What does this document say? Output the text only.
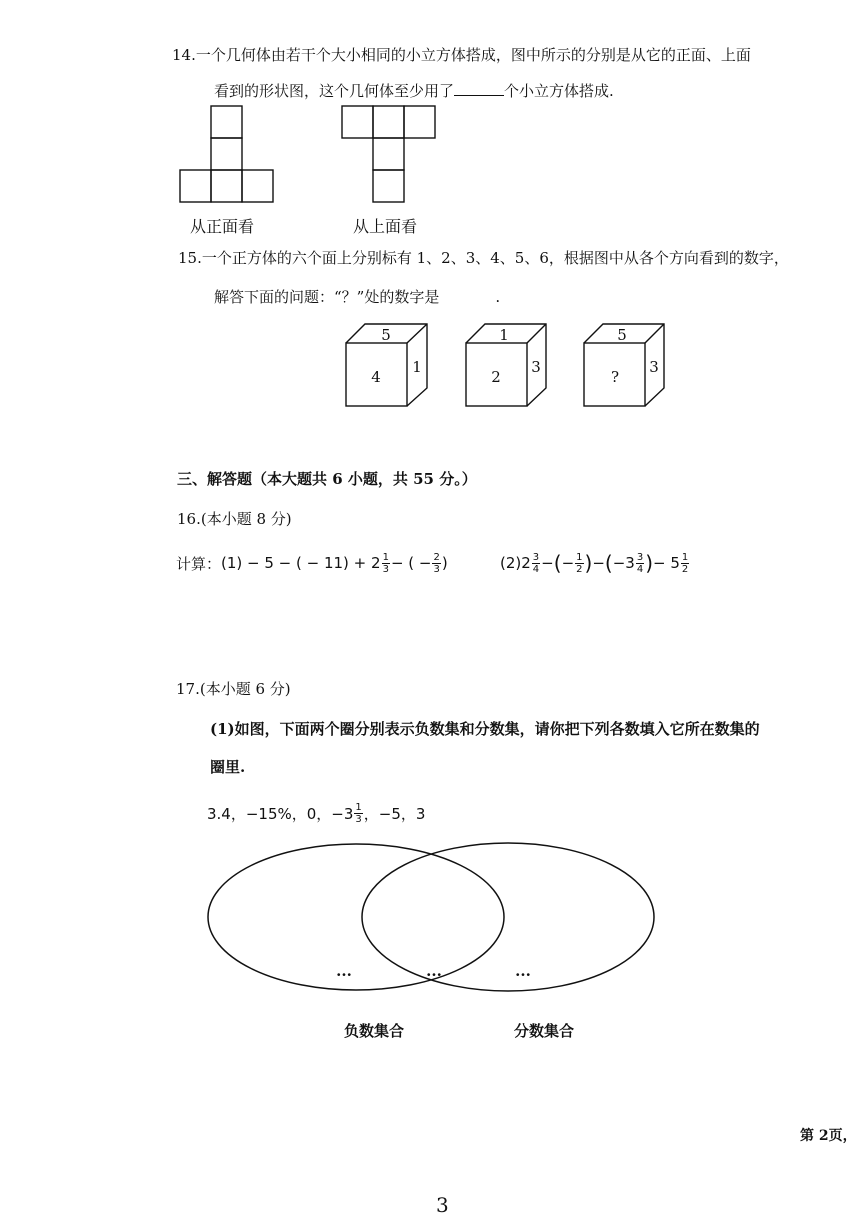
14.一个几何体由若干个大小相同的小立方体搭成，图中所示的分别是从它的正面、上面
看到的形状图，这个几何体至少用了	个小立方体搭成.
从正面看	从上面看
15.一个正方体的六个面上分别标有 1、2、3、4、5、6，根据图中从各个方向看到的数字，
解答下面的问题：“？”处的数字是	.
5
4
1
1
2
3
5
?
3
三、解答题（本大题共 6 小题，共 55 分。）
16.(本小题 8 分)
计算： (1) − 5 − ( − $11) + 2 \frac{1}{3}$ − ( − $\frac{2}{3}$ )	$(2)2 \frac{3}{4}$ − ( − $\frac{1}{2}$ ) − ( $-3 \frac{3}{4}$ ) − $5 \frac{1}{2}$
17.(本小题 6 分)
(1)如图，下面两个圈分别表示负数集和分数集，请你把下列各数填入它所在数集的
圈里.
3.4，−15%，0，$-3 \frac{1}{3}$ ，−5，3
...	...	...
负数集合	分数集合
第 2页，
3
